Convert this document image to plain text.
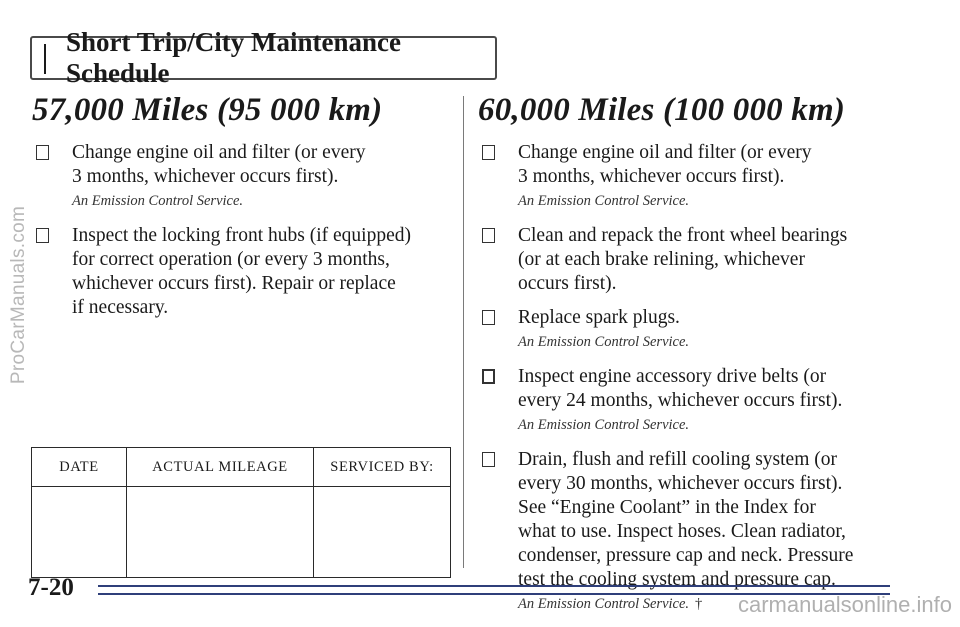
ProCarManuals.com
Short Trip/City Maintenance Schedule
57,000 Miles (95 000 km)
Change engine oil and filter (or every
3 months, whichever occurs first).
An Emission Control Service.
Inspect the locking front hubs (if equipped)
for correct operation (or every 3 months,
whichever occurs first). Repair or replace
if necessary.
DATE	ACTUAL MILEAGE	SERVICED BY:

60,000 Miles (100 000 km)
Change engine oil and filter (or every
3 months, whichever occurs first).
An Emission Control Service.
Clean and repack the front wheel bearings
(or at each brake relining, whichever
occurs first).
Replace spark plugs.
An Emission Control Service.
Inspect engine accessory drive belts (or
every 24 months, whichever occurs first).
An Emission Control Service.
Drain, flush and refill cooling system (or
every 30 months, whichever occurs first).
See “Engine Coolant” in the Index for
what to use. Inspect hoses. Clean radiator,
condenser, pressure cap and neck. Pressure
test the cooling system and pressure cap.
An Emission Control Service. †
7-20
carmanualsonline.info
